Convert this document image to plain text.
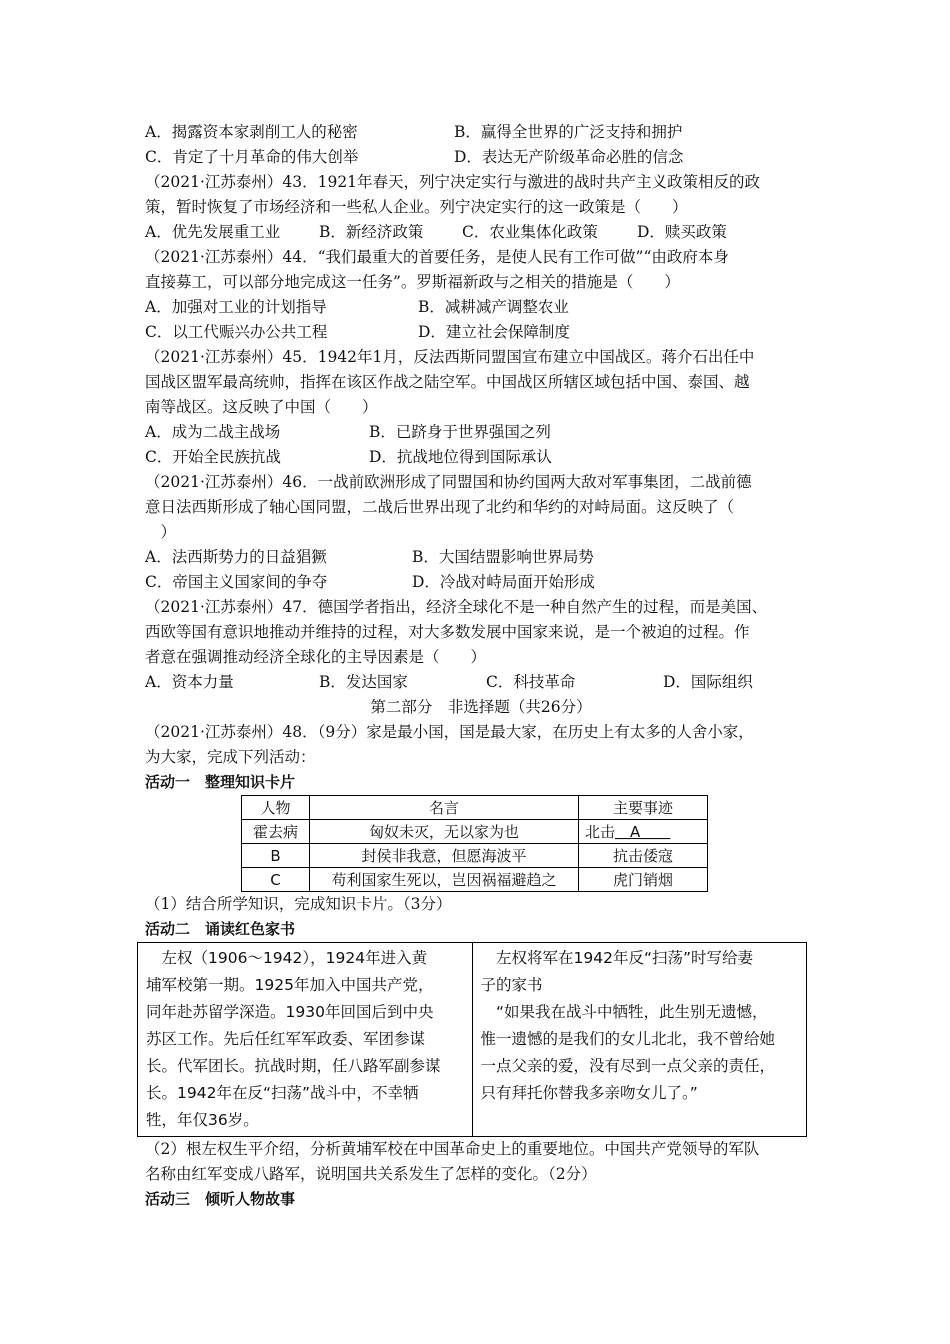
A．揭露资本家剥削工人的秘密	B．赢得全世界的广泛支持和拥护
C．肯定了十月革命的伟大创举	D．表达无产阶级革命必胜的信念
（2021·江苏泰州）43．1921年春天，列宁决定实行与激进的战时共产主义政策相反的政
策，暂时恢复了市场经济和一些私人企业。列宁决定实行的这一政策是（　　）
A．优先发展重工业	B．新经济政策 C．农业集体化政策	D．赎买政策
（2021·江苏泰州）44．“我们最重大的首要任务，是使人民有工作可做”“由政府本身
直接募工，可以部分地完成这一任务”。罗斯福新政与之相关的措施是（　　）
A．加强对工业的计划指导	B．减耕减产调整农业
C．以工代赈兴办公共工程	D．建立社会保障制度
（2021·江苏泰州）45．1942年1月，反法西斯同盟国宣布建立中国战区。蒋介石出任中
国战区盟军最高统帅，指挥在该区作战之陆空军。中国战区所辖区域包括中国、泰国、越
南等战区。这反映了中国（　　）
A．成为二战主战场	B．已跻身于世界强国之列
C．开始全民族抗战	D．抗战地位得到国际承认
（2021·江苏泰州）46．一战前欧洲形成了同盟国和协约国两大敌对军事集团，二战前德
意日法西斯形成了轴心国同盟，二战后世界出现了北约和华约的对峙局面。这反映了（
　）
A．法西斯势力的日益猖獗	B．大国结盟影响世界局势
C．帝国主义国家间的争夺	D．冷战对峙局面开始形成
（2021·江苏泰州）47．德国学者指出，经济全球化不是一种自然产生的过程，而是美国、
西欧等国有意识地推动并维持的过程，对大多数发展中国家来说，是一个被迫的过程。作
者意在强调推动经济全球化的主导因素是（　　）
A．资本力量	B．发达国家	C．科技革命	D．国际组织
第二部分　非选择题（共26分）
（2021·江苏泰州）48．（9分）家是最小国，国是最大家，在历史上有太多的人舍小家，
为大家，完成下列活动：
活动一　整理知识卡片
人物	名言	主要事迹
霍去病	匈奴未灭，无以家为也	北击＿A＿＿
B	封侯非我意，但愿海波平	抗击倭寇
C	苟利国家生死以，岂因祸福避趋之	虎门销烟
（1）结合所学知识，完成知识卡片。（3分）
活动二　诵读红色家书
　左权（1906～1942），1924年进入黄
埔军校第一期。1925年加入中国共产党，
同年赴苏留学深造。1930年回国后到中央
苏区工作。先后任红军军政委、军团参谋
长。代军团长。抗战时期，任八路军副参谋
长。1942年在反“扫荡”战斗中，不幸牺
牲，年仅36岁。

　左权将军在1942年反“扫荡”时写给妻
子的家书
　“如果我在战斗中牺牲，此生别无遗憾，
惟一遗憾的是我们的女儿北北，我不曾给她
一点父亲的爱，没有尽到一点父亲的责任，
只有拜托你替我多亲吻女儿了。”
（2）根左权生平介绍，分析黄埔军校在中国革命史上的重要地位。中国共产党领导的军队
名称由红军变成八路军，说明国共关系发生了怎样的变化。（2分）
活动三　倾听人物故事
